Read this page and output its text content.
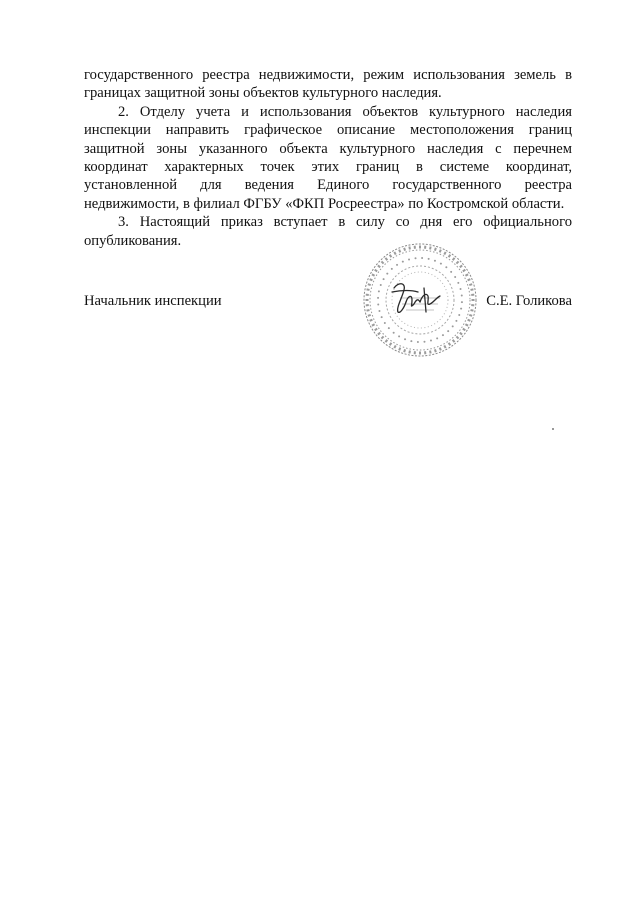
государственного реестра недвижимости, режим использования земель в границах защитной зоны объектов культурного наследия.

2. Отделу учета и использования объектов культурного наследия инспекции направить графическое описание местоположения границ защитной зоны указанного объекта культурного наследия с перечнем координат характерных точек этих границ в системе координат, установленной для ведения Единого государственного реестра недвижимости, в филиал ФГБУ «ФКП Росреестра» по Костромской области.

3. Настоящий приказ вступает в силу со дня его официального опубликования.

Начальник инспекции	С.Е. Голикова
